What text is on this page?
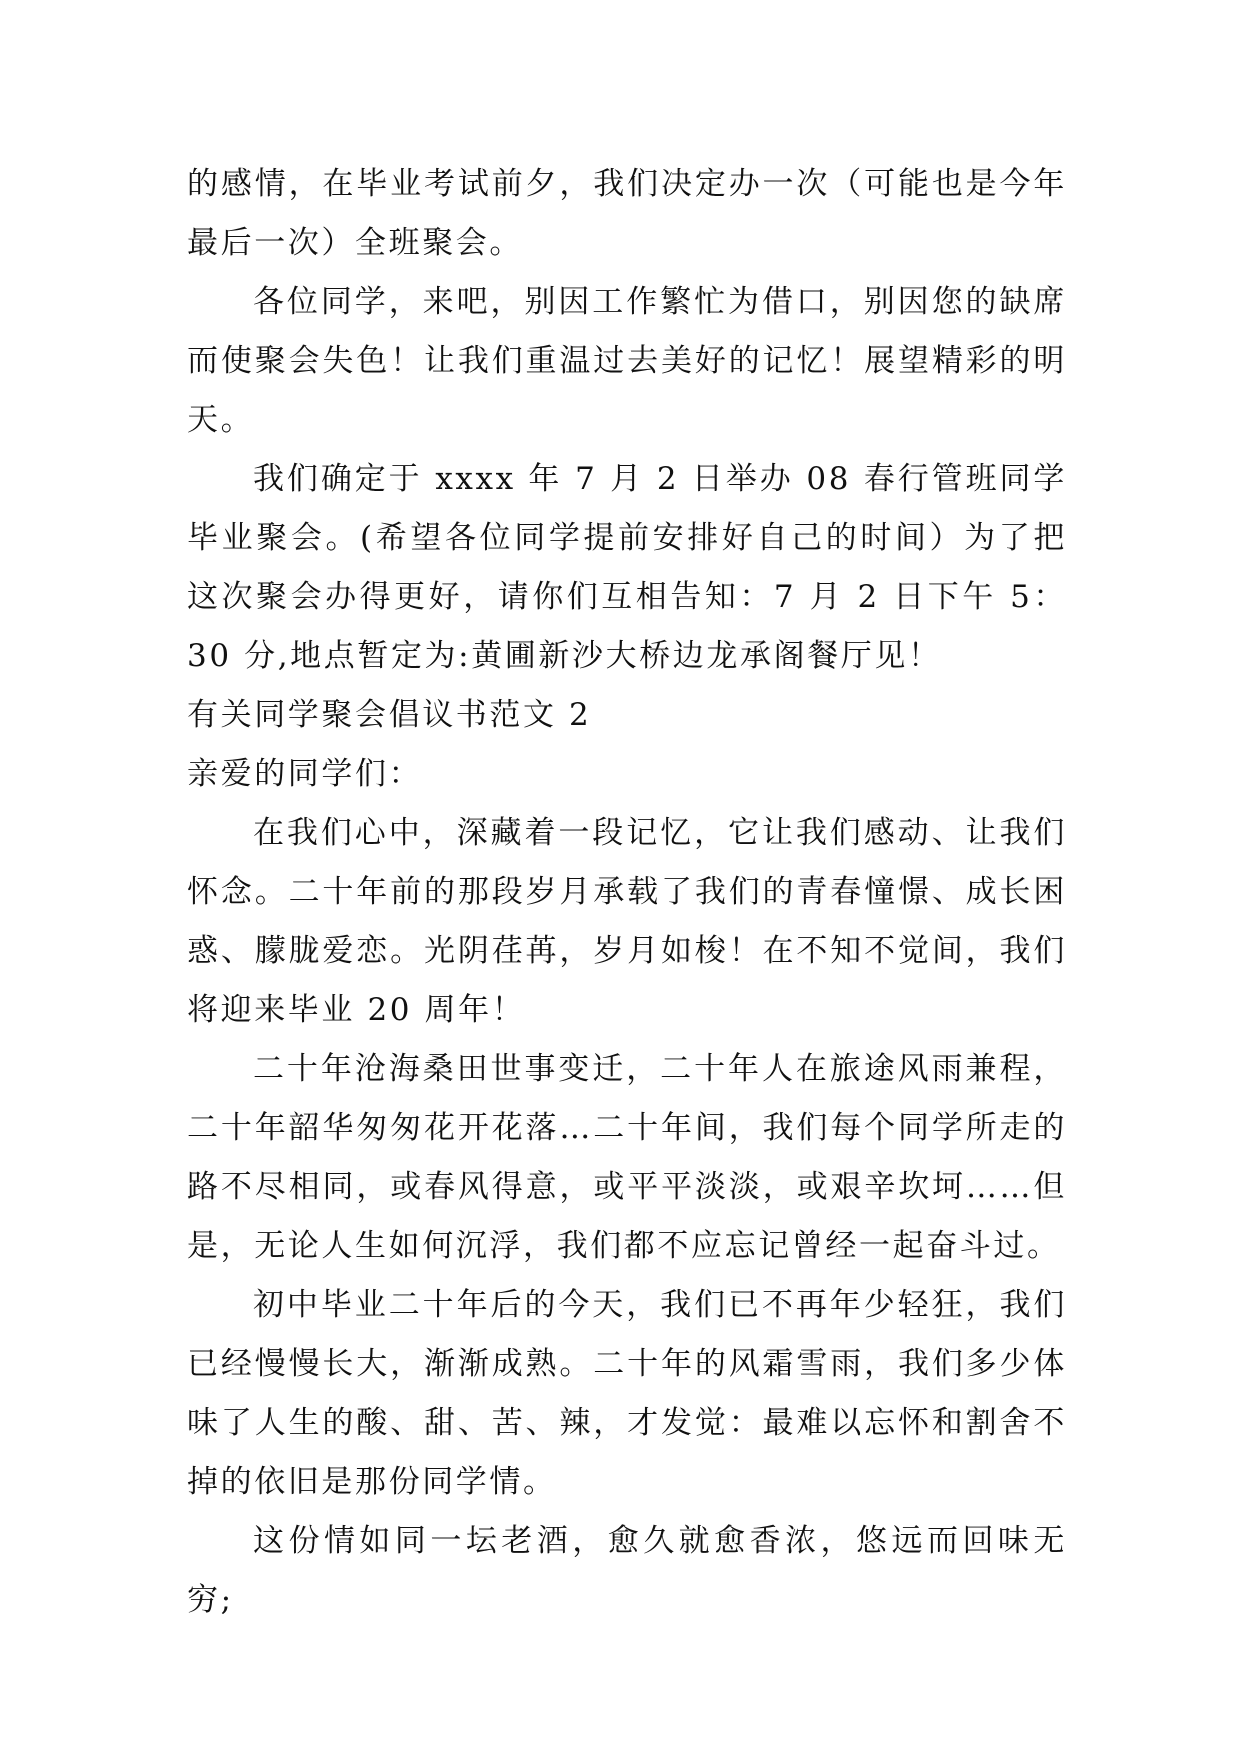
的感情，在毕业考试前夕，我们决定办一次（可能也是今年最后一次）全班聚会。

各位同学，来吧，别因工作繁忙为借口，别因您的缺席而使聚会失色！让我们重温过去美好的记忆！展望精彩的明天。

我们确定于 xxxx 年 7 月 2 日举办 08 春行管班同学毕业聚会。(希望各位同学提前安排好自己的时间）为了把这次聚会办得更好，请你们互相告知：7 月 2 日下午 5：30 分,地点暂定为:黄圃新沙大桥边龙承阁餐厅见！

有关同学聚会倡议书范文 2

亲爱的同学们：

在我们心中，深藏着一段记忆，它让我们感动、让我们怀念。二十年前的那段岁月承载了我们的青春憧憬、成长困惑、朦胧爱恋。光阴荏苒，岁月如梭！在不知不觉间，我们将迎来毕业 20 周年！

二十年沧海桑田世事变迁，二十年人在旅途风雨兼程，二十年韶华匆匆花开花落…二十年间，我们每个同学所走的路不尽相同，或春风得意，或平平淡淡，或艰辛坎坷……但是，无论人生如何沉浮，我们都不应忘记曾经一起奋斗过。

初中毕业二十年后的今天，我们已不再年少轻狂，我们已经慢慢长大，渐渐成熟。二十年的风霜雪雨，我们多少体味了人生的酸、甜、苦、辣，才发觉：最难以忘怀和割舍不掉的依旧是那份同学情。

这份情如同一坛老酒，愈久就愈香浓，悠远而回味无穷;
